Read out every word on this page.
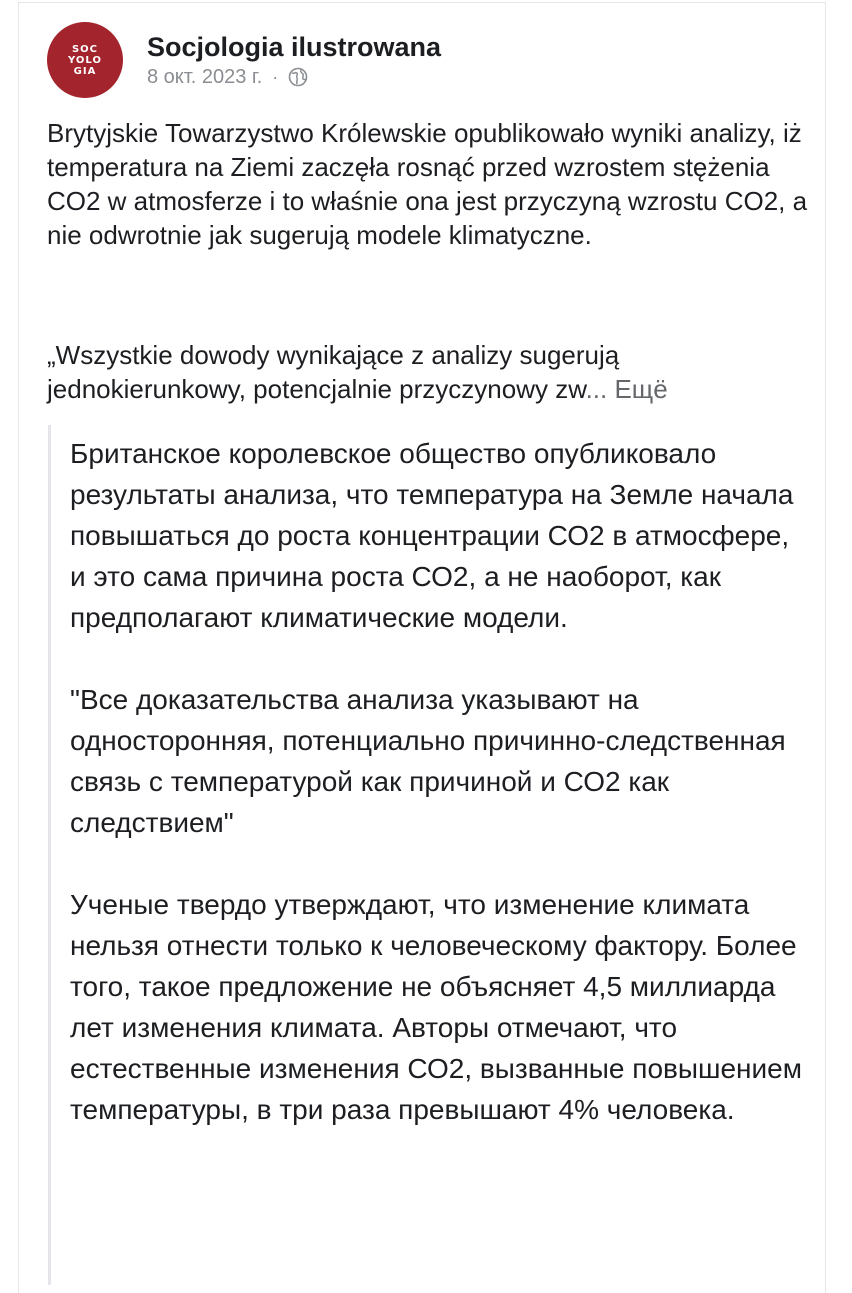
SOC
YOLO
GIA
Socjologia ilustrowana
8 окт. 2023 г. ·
Brytyjskie Towarzystwo Królewskie opublikowało wyniki analizy, iż temperatura na Ziemi zaczęła rosnąć przed wzrostem stężenia CO2 w atmosferze i to właśnie ona jest przyczyną wzrostu CO2, a nie odwrotnie jak sugerują modele klimatyczne.
„Wszystkie dowody wynikające z analizy sugerują jednokierunkowy, potencjalnie przyczynowy zw... Ещё

Британское королевское общество опубликовало результаты анализа, что температура на Земле начала повышаться до роста концентрации СО2 в атмосфере, и это сама причина роста СО2, а не наоборот, как предполагают климатические модели.

"Все доказательства анализа указывают на односторонняя, потенциально причинно-следственная связь с температурой как причиной и СО2 как следствием"

Ученые твердо утверждают, что изменение климата нельзя отнести только к человеческому фактору. Более того, такое предложение не объясняет 4,5 миллиарда лет изменения климата. Авторы отмечают, что естественные изменения СО2, вызванные повышением температуры, в три раза превышают 4% человека.
